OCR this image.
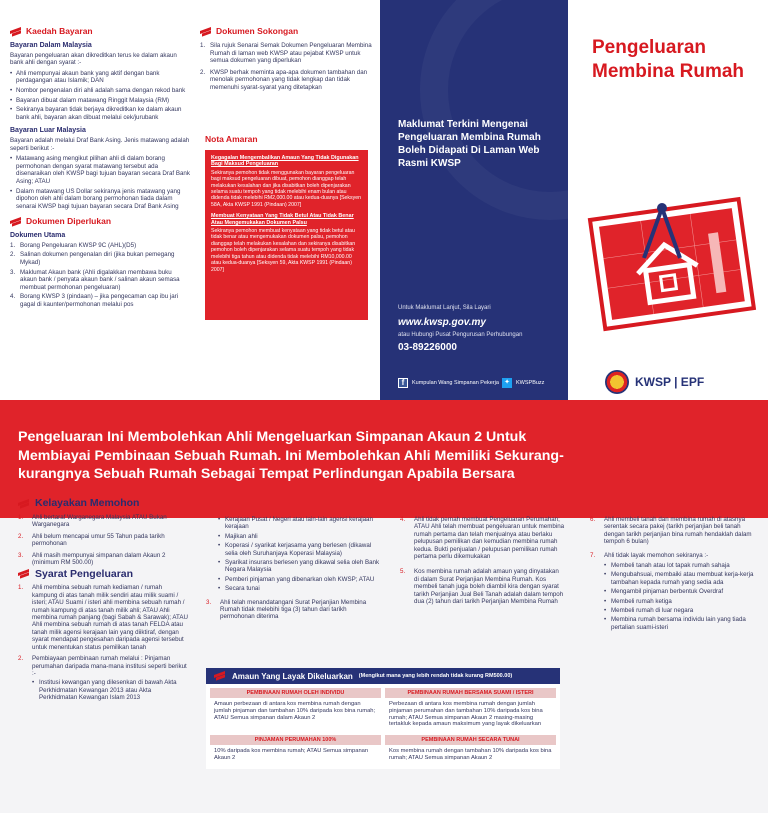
Kaedah Bayaran
Bayaran Dalam Malaysia

Bayaran pengeluaran akan dikreditkan terus ke dalam akaun bank ahli dengan syarat :-

• Ahli mempunyai akaun bank yang aktif dengan bank perdagangan atau Islamik; DAN
• Nombor pengenalan diri ahli adalah sama dengan rekod bank
• Bayaran dibuat dalam matawang Ringgit Malaysia (RM)
• Sekiranya bayaran tidak berjaya dikreditkan ke dalam akaun bank ahli, bayaran akan dibuat melalui cek/jurubank
Bayaran Luar Malaysia

Bayaran adalah melalui Draf Bank Asing. Jenis matawang adalah seperti berikut :-

• Matawang asing mengikut pilihan ahli di dalam borang permohonan dengan syarat matawang tersebut ada disenaraikan oleh KWSP bagi tujuan bayaran secara Draf Bank Asing; ATAU
• Dalam matawang US Dollar sekiranya jenis matawang yang dipohon oleh ahli dalam borang permohonan tiada dalam senarai KWSP bagi tujuan bayaran secara Draf Bank Asing
Dokumen Diperlukan
Dokumen Utama
1. Borang Pengeluaran KWSP 9C (AHL)(D5)
2. Salinan dokumen pengenalan diri (jika bukan pemegang Mykad)
3. Maklumat Akaun bank (Ahli digalakkan membawa buku akaun bank / penyata akaun bank / salinan akaun semasa membuat permohonan pengeluaran)
4. Borang KWSP 3 (pindaan) – jika pengecaman cap ibu jari gagal di kaunter/permohonan melalui pos
Dokumen Sokongan
1. Sila rujuk Senarai Semak Dokumen Pengeluaran Membina Rumah di laman web KWSP atau pejabat KWSP untuk semua dokumen yang diperlukan
2. KWSP berhak meminta apa-apa dokumen tambahan dan menolak permohonan yang tidak lengkap dan tidak memenuhi syarat-syarat yang ditetapkan
Nota Amaran
Kegagalan Mengembalikan Amaun Yang Tidak Digunakan Bagi Maksud Pengeluaran

Sekiranya pemohon tidak menggunakan bayaran pengeluaran bagi maksud pengeluaran dibuat, pemohon dianggap telah melakukan kesalahan dan jika disabitkan boleh dipenjarakan selama suatu tempoh yang tidak melebihi enam bulan atau didenda tidak melebihi RM2,000.00 atau kedua-duanya [Seksyen 58A, Akta KWSP 1991 (Pindaan) 2007]

Membuat Kenyataan Yang Tidak Betul Atau Tidak Benar Atau Mengemukakan Dokumen Palsu

Sekiranya pemohon membuat kenyataan yang tidak betul atau tidak benar atau mengemukakan dokumen palsu, pemohon dianggap telah melakukan kesalahan dan sekiranya disabitkan pemohon boleh dipenjarakan selama suatu tempoh yang tidak melebihi tiga tahun atau didenda tidak melebihi RM10,000.00 atau kedua-duanya [Seksyen 59, Akta KWSP 1991 (Pindaan) 2007]

Maklumat Terkini Mengenai Pengeluaran Membina Rumah Boleh Didapati Di Laman Web Rasmi KWSP
Untuk Maklumat Lanjut, Sila Layari
www.kwsp.gov.my
atau Hubungi Pusat Pengurusan Perhubungan
03-89226000
f	Kumpulan Wang Simpanan Pekerja ✦	KWSPBuzz
Pengeluaran
Membina Rumah
KWSP | EPF
Pengeluaran Ini Membolehkan Ahli Mengeluarkan Simpanan Akaun 2 Untuk Membiayai Pembinaan Sebuah Rumah. Ini Membolehkan Ahli Memiliki Sekurang-kurangnya Sebuah Rumah Sebagai Tempat Perlindungan Apabila Bersara
Kelayakan Memohon
1. Ahli bertaraf Warganegara Malaysia ATAU Bukan Warganegara
2. Ahli belum mencapai umur 55 Tahun pada tarikh permohonan
3. Ahli masih mempunyai simpanan dalam Akaun 2 (minimum RM 500.00)
Syarat Pengeluaran
1. Ahli membina sebuah rumah kediaman / rumah kampung di atas tanah milik sendiri atau milik suami / isteri; ATAU Suami / isteri ahli membina sebuah rumah / rumah kampung di atas tanah milik ahli; ATAU Ahli membina rumah panjang (bagi Sabah & Sarawak); ATAU Ahli membina sebuah rumah di atas tanah FELDA atau tanah milik agensi kerajaan lain yang diiktiraf, dengan syarat mendapat pengesahan daripada agensi tersebut untuk menentukan status pemilikan tanah
2. Pembiayaan pembinaan rumah melalui : Pinjaman perumahan daripada mana-mana institusi seperti berikut :-
• Institusi kewangan yang dilesenkan di bawah Akta Perkhidmatan Kewangan 2013 atau Akta Perkhidmatan Kewangan Islam 2013
• Kerajaan Pusat / Negeri atau lain-lain agensi kerajaan kerajaan
• Majikan ahli
• Koperasi / syarikat kerjasama yang berlesen (dikawal selia oleh Suruhanjaya Koperasi Malaysia)
• Syarikat insurans berlesen yang dikawal selia oleh Bank Negara Malaysia
• Pemberi pinjaman yang dibenarkan oleh KWSP; ATAU
• Secara tunai
3. Ahli telah menandatangani Surat Perjanjian Membina Rumah tidak melebihi tiga (3) tahun dari tarikh permohonan diterima
4. Ahli tidak pernah membuat Pengeluaran Perumahan; ATAU Ahli telah membuat pengeluaran untuk membina rumah pertama dan telah menjualnya atau berlaku pelupusan pemilikan dan kemudian membina rumah kedua. Bukti penjualan / pelupusan pemilikan rumah pertama perlu dikemukakan
5. Kos membina rumah adalah amaun yang dinyatakan di dalam Surat Perjanjian Membina Rumah. Kos membeli tanah juga boleh diambil kira dengan syarat tarikh Perjanjian Jual Beli Tanah adalah dalam tempoh dua (2) tahun dari tarikh Perjanjian Membina Rumah
6. Ahli membeli tanah dan membina rumah di atasnya serentak secara pakej (tarikh perjanjian beli tanah dengan tarikh perjanjian bina rumah hendaklah dalam tempoh 6 bulan)
7. Ahli tidak layak memohon sekiranya :-
• Membeli tanah atau lot tapak rumah sahaja
• Mengubahsuai, membaiki atau membuat kerja-kerja tambahan kepada rumah yang sedia ada
• Mengambil pinjaman berbentuk Overdraf
• Membeli rumah ketiga
• Membeli rumah di luar negara
• Membina rumah bersama individu lain yang tiada pertalian suami-isteri
Amaun Yang Layak Dikeluarkan (Mengikut mana yang lebih rendah tidak kurang RM500.00)
PEMBINAAN RUMAH OLEH INDIVIDU
Amaun perbezaan di antara kos membina rumah dengan jumlah pinjaman dan tambahan 10% daripada kos bina rumah; ATAU Semua simpanan dalam Akaun 2
PEMBINAAN RUMAH BERSAMA SUAMI / ISTERI
Perbezaan di antara kos membina rumah dengan jumlah pinjaman perumahan dan tambahan 10% daripada kos bina rumah; ATAU Semua simpanan Akaun 2 masing-masing tertakluk kepada amaun maksimum yang layak dikeluarkan
PINJAMAN PERUMAHAN 100%
10% daripada kos membina rumah; ATAU Semua simpanan Akaun 2
PEMBINAAN RUMAH SECARA TUNAI
Kos membina rumah dengan tambahan 10% daripada kos bina rumah; ATAU Semua simpanan Akaun 2
